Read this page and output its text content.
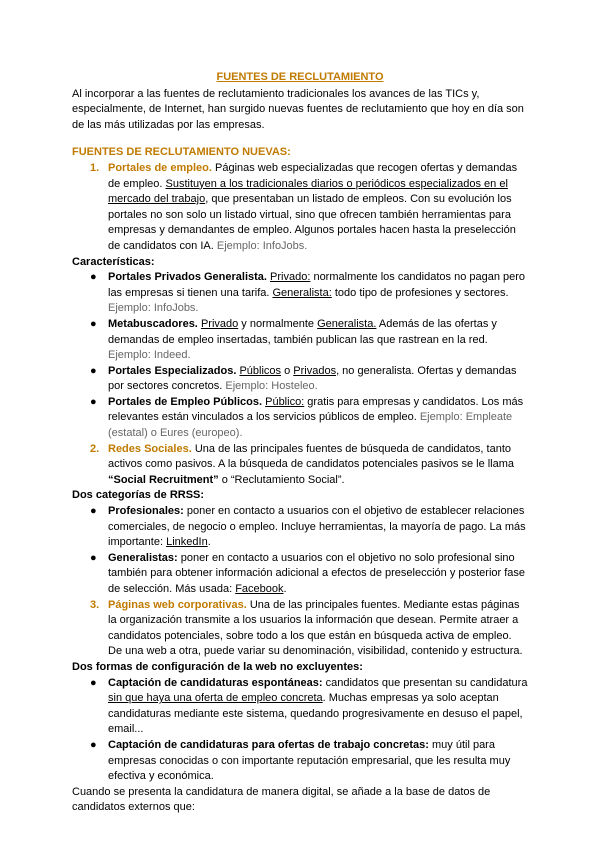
FUENTES DE RECLUTAMIENTO

Al incorporar a las fuentes de reclutamiento tradicionales los avances de las TICs y, especialmente, de Internet, han surgido nuevas fuentes de reclutamiento que hoy en día son de las más utilizadas por las empresas.

FUENTES DE RECLUTAMIENTO NUEVAS:

1. Portales de empleo. Páginas web especializadas que recogen ofertas y demandas de empleo. Sustituyen a los tradicionales diarios o periódicos especializados en el mercado del trabajo, que presentaban un listado de empleos. Con su evolución los portales no son solo un listado virtual, sino que ofrecen también herramientas para empresas y demandantes de empleo. Algunos portales hacen hasta la preselección de candidatos con IA. Ejemplo: InfoJobs.

Características:

● Portales Privados Generalista. Privado: normalmente los candidatos no pagan pero las empresas si tienen una tarifa. Generalista: todo tipo de profesiones y sectores. Ejemplo: InfoJobs.
● Metabuscadores. Privado y normalmente Generalista. Además de las ofertas y demandas de empleo insertadas, también publican las que rastrean en la red. Ejemplo: Indeed.
● Portales Especializados. Públicos o Privados, no generalista. Ofertas y demandas por sectores concretos. Ejemplo: Hosteleo.
● Portales de Empleo Públicos. Público: gratis para empresas y candidatos. Los más relevantes están vinculados a los servicios públicos de empleo. Ejemplo: Empleate (estatal) o Eures (europeo).
2. Redes Sociales. Una de las principales fuentes de búsqueda de candidatos, tanto activos como pasivos. A la búsqueda de candidatos potenciales pasivos se le llama “Social Recruitment” o “Reclutamiento Social”.

Dos categorías de RRSS:

● Profesionales: poner en contacto a usuarios con el objetivo de establecer relaciones comerciales, de negocio o empleo. Incluye herramientas, la mayoría de pago. La más importante: LinkedIn.
● Generalistas: poner en contacto a usuarios con el objetivo no solo profesional sino también para obtener información adicional a efectos de preselección y posterior fase de selección. Más usada: Facebook.
3. Páginas web corporativas. Una de las principales fuentes. Mediante estas páginas la organización transmite a los usuarios la información que desean. Permite atraer a candidatos potenciales, sobre todo a los que están en búsqueda activa de empleo. De una web a otra, puede variar su denominación, visibilidad, contenido y estructura.

Dos formas de configuración de la web no excluyentes:

● Captación de candidaturas espontáneas: candidatos que presentan su candidatura sin que haya una oferta de empleo concreta. Muchas empresas ya solo aceptan candidaturas mediante este sistema, quedando progresivamente en desuso el papel, email...
● Captación de candidaturas para ofertas de trabajo concretas: muy útil para empresas conocidas o con importante reputación empresarial, que les resulta muy efectiva y económica.

Cuando se presenta la candidatura de manera digital, se añade a la base de datos de candidatos externos que:
